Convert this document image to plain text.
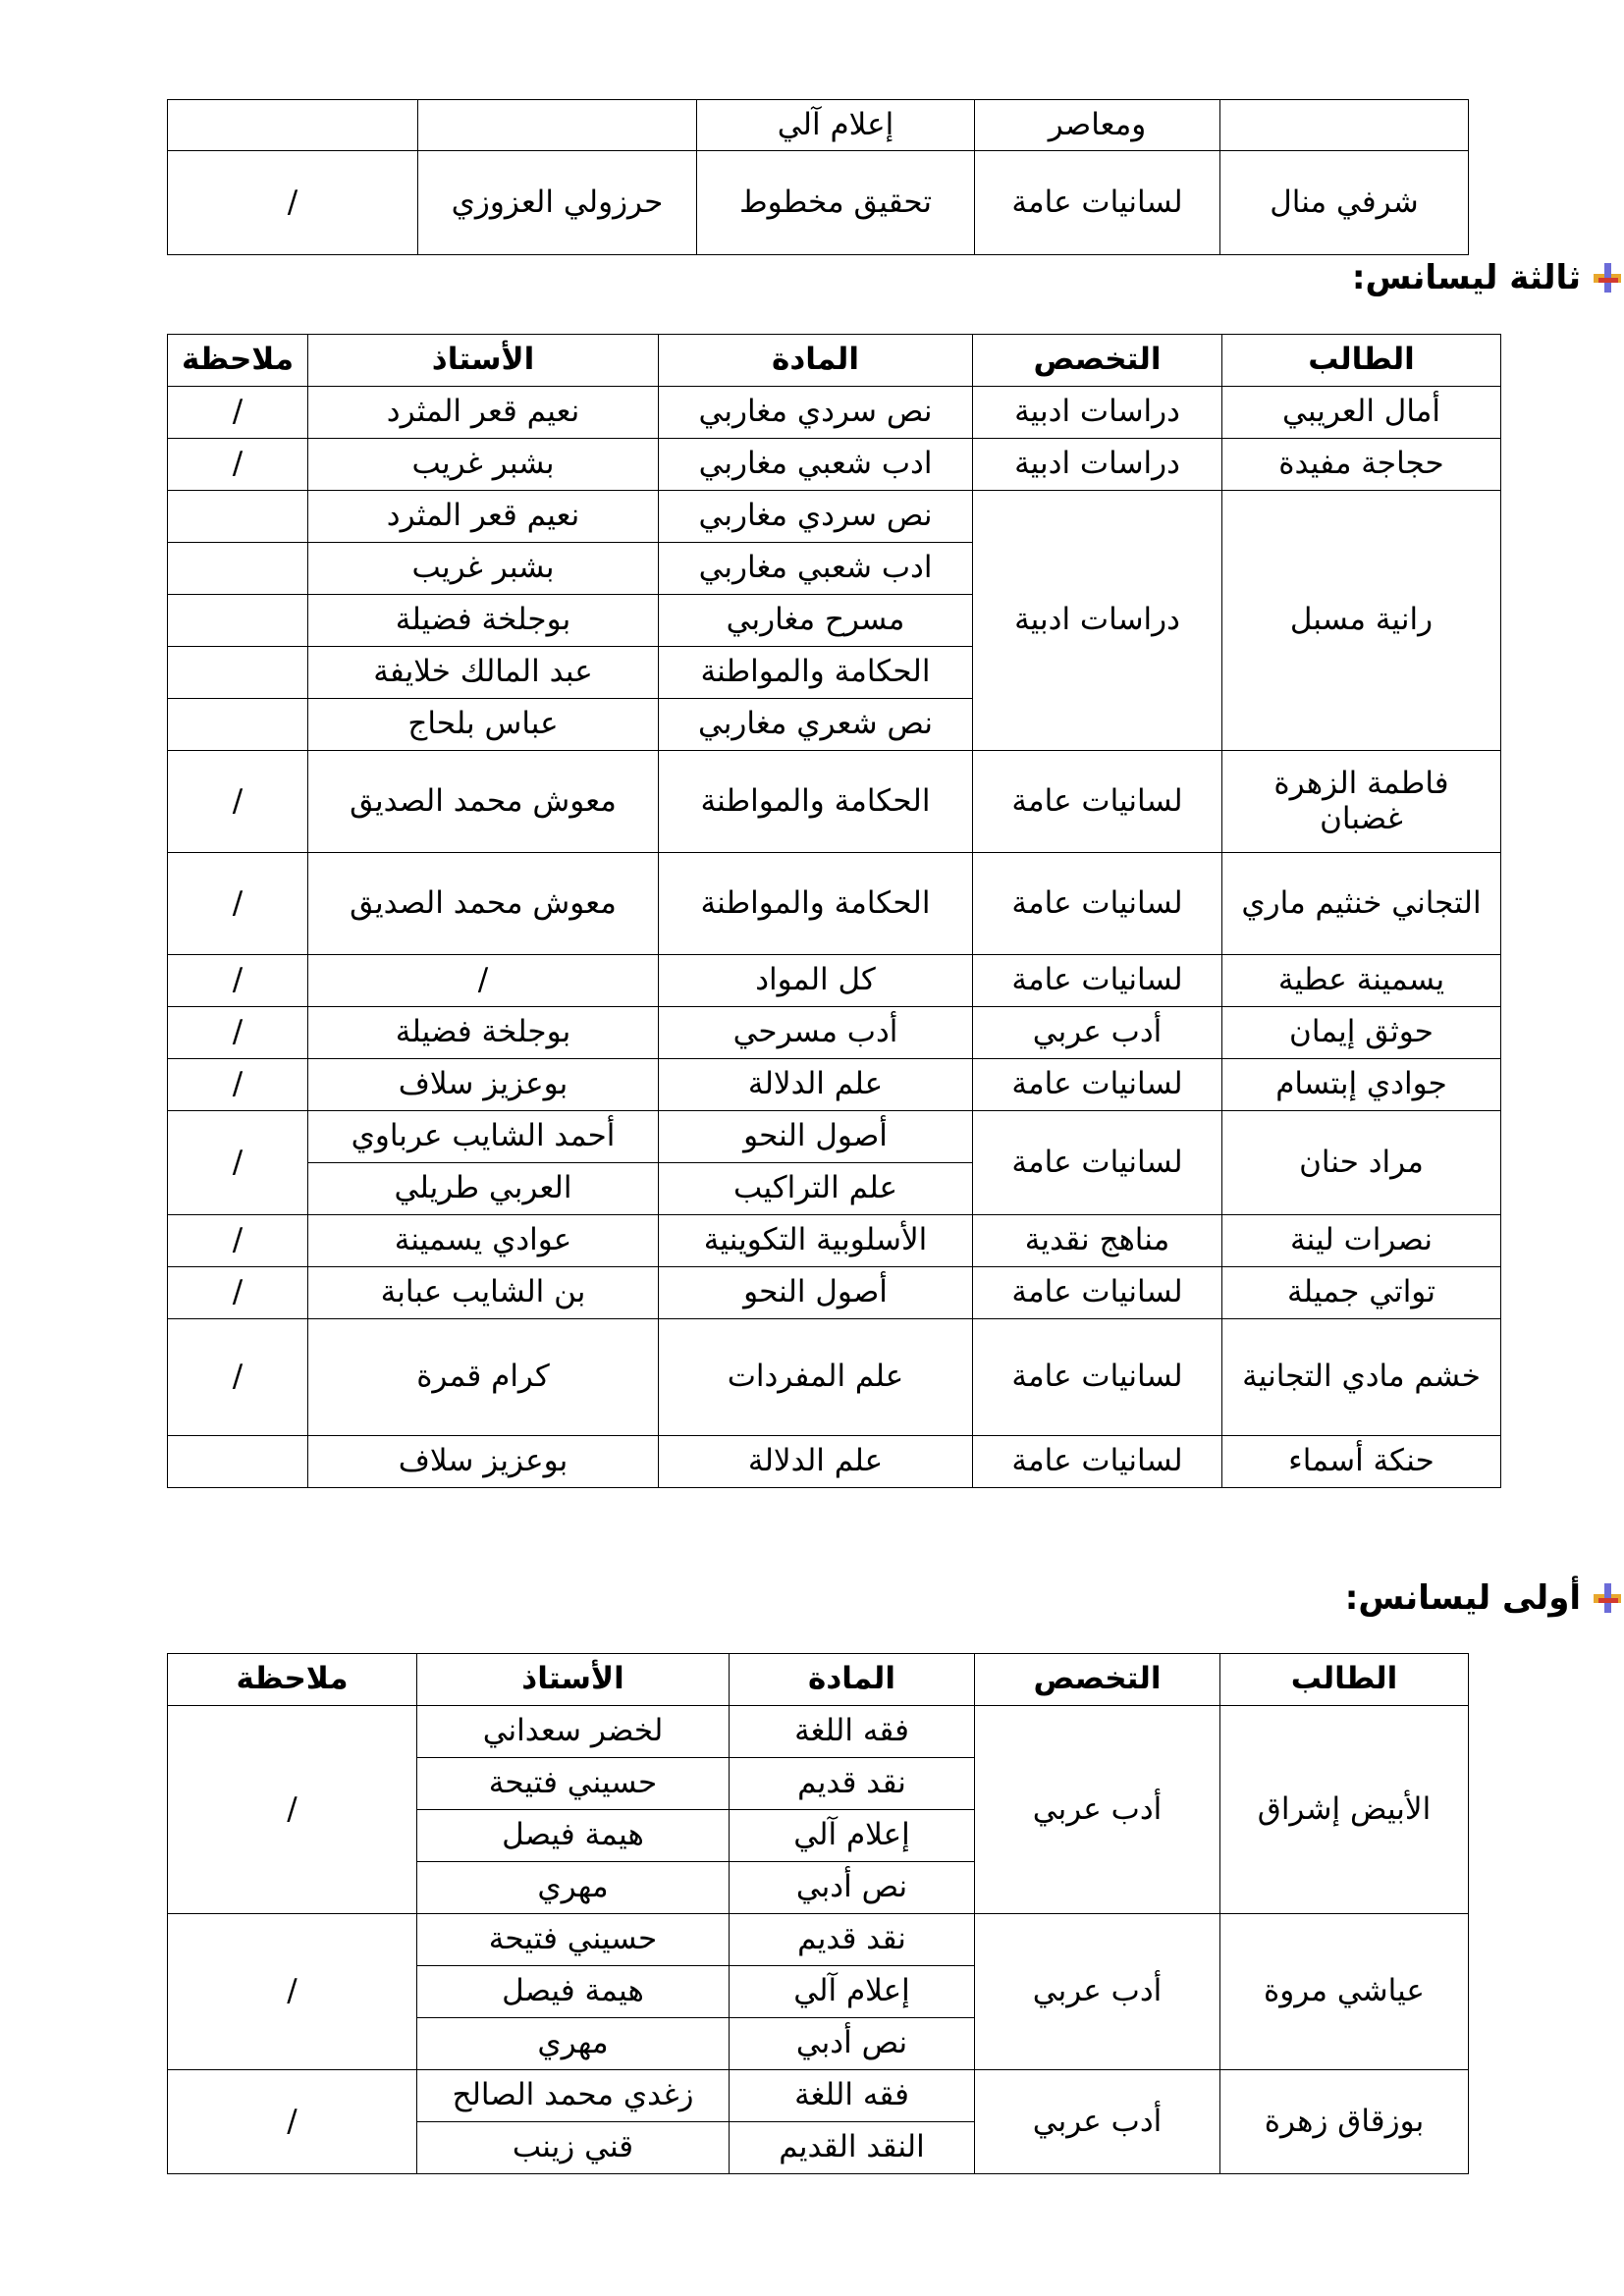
	ومعاصر	إعلام آلي		
شرفي منال	لسانيات عامة	تحقيق مخطوط	حرزولي العزوزي	/
ثالثة ليسانس:
الطالب	التخصص	المادة	الأستاذ	ملاحظة
أمال العريبي	دراسات ادبية	نص سردي مغاربي	نعيم قعر المثرد	/
حجاجة مفيدة	دراسات ادبية	ادب شعبي مغاربي	بشبر غريب	/
رانية مسبل	دراسات ادبية	نص سردي مغاربي	نعيم قعر المثرد	
		ادب شعبي مغاربي	بشبر غريب	
		مسرح مغاربي	بوجلخة فضيلة	
		الحكامة والمواطنة	عبد المالك خلايفة	
		نص شعري مغاربي	عباس بلحاج	
فاطمة الزهرة غضبان	لسانيات عامة	الحكامة والمواطنة	معوش محمد الصديق	/
التجاني خنثيم ماري	لسانيات عامة	الحكامة والمواطنة	معوش محمد الصديق	/
يسمينة عطية	لسانيات عامة	كل المواد	/	/
حوثق إيمان	أدب عربي	أدب مسرحي	بوجلخة فضيلة	/
جوادي إبتسام	لسانيات عامة	علم الدلالة	بوعزيز سلاف	/
مراد حنان	لسانيات عامة	أصول النحو	أحمد الشايب عرباوي	/
		علم التراكيب	العربي طريلي	
نصرات لينة	مناهج نقدية	الأسلوبية التكوينية	عوادي يسمينة	/
تواتي جميلة	لسانيات عامة	أصول النحو	بن الشايب عبابة	/
خشم مادي التجانية	لسانيات عامة	علم المفردات	كرام قمرة	/
حنكة أسماء	لسانيات عامة	علم الدلالة	بوعزيز سلاف	
أولى ليسانس:
الطالب	التخصص	المادة	الأستاذ	ملاحظة
الأبيض إشراق	أدب عربي	فقه اللغة	لخضر سعداني	/
		نقد قديم	حسيني فتيحة	
		إعلام آلي	هيمة فيصل	
		نص أدبي	مهري	
عياشي مروة	أدب عربي	نقد قديم	حسيني فتيحة	/
		إعلام آلي	هيمة فيصل	
		نص أدبي	مهري	
بوزقاق زهرة	أدب عربي	فقه اللغة	زغدي محمد الصالح	/
		النقد القديم	قني زينب	
